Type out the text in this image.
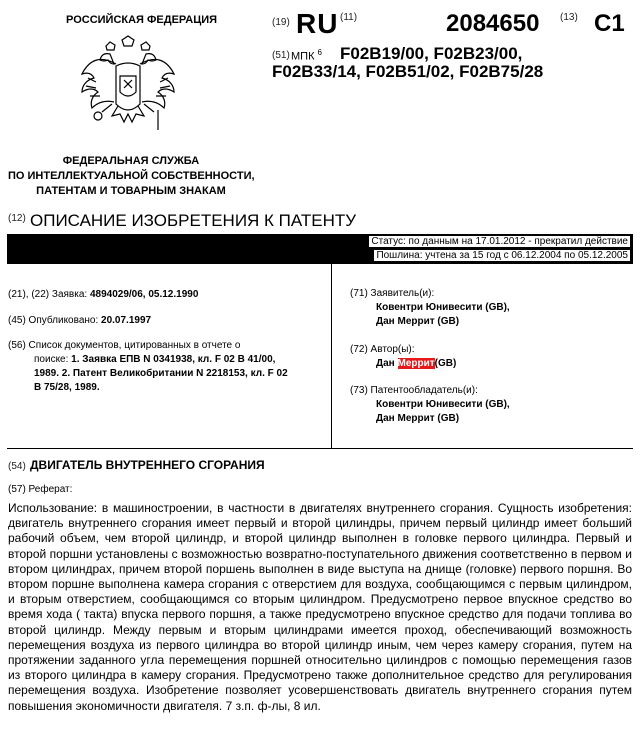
РОССИЙСКАЯ ФЕДЕРАЦИЯ
ФЕДЕРАЛЬНАЯ СЛУЖБА
ПО ИНТЕЛЛЕКТУАЛЬНОЙ СОБСТВЕННОСТИ,
ПАТЕНТАМ И ТОВАРНЫМ ЗНАКАМ
(19) RU (11)	2084650 (13) C1
(51) МПК $^6$ F02B19/00, F02B23/00,
F02B33/14, F02B51/02, F02B75/28
(12) ОПИСАНИЕ ИЗОБРЕТЕНИЯ К ПАТЕНТУ
Статус: по данным на 17.01.2012 - прекратил действие
Пошлина: учтена за 15 год с 06.12.2004 по 05.12.2005
(21), (22) Заявка: 4894029/06, 05.12.1990
(45) Опубликовано: 20.07.1997
(56) Список документов, цитированных в отчете о
поиске: 1. Заявка ЕПВ N 0341938, кл. F 02 B 41/00,
1989. 2. Патент Великобритании N 2218153, кл. F 02
B 75/28, 1989.
(71) Заявитель(и):
Ковентри Юнивесити (GB),
Дан Меррит (GB)
(72) Автор(ы):
Дан Меррит(GB)
(73) Патентообладатель(и):
Ковентри Юнивесити (GB),
Дан Меррит (GB)
(54) ДВИГАТЕЛЬ ВНУТРЕННЕГО СГОРАНИЯ
(57) Реферат:
Использование: в машиностроении, в частности в двигателях внутреннего сгорания. Сущность изобретения: двигатель внутреннего сгорания имеет первый и второй цилиндры, причем первый цилиндр имеет больший рабочий объем, чем второй цилиндр, и второй цилиндр выполнен в головке первого цилиндра. Первый и второй поршни установлены с возможностью возвратно-поступательного движения соответственно в первом и втором цилиндрах, причем второй поршень выполнен в виде выступа на днище (головке) первого поршня. Во втором поршне выполнена камера сгорания с отверстием для воздуха, сообщающимся с первым цилиндром, и вторым отверстием, сообщающимся со вторым цилиндром. Предусмотрено первое впускное средство во время хода ( такта) впуска первого поршня, а также предусмотрено впускное средство для подачи топлива во второй цилиндр. Между первым и вторым цилиндрами имеется проход, обеспечивающий возможность перемещения воздуха из первого цилиндра во второй цилиндр иным, чем через камеру сгорания, путем на протяжении заданного угла перемещения поршней относительно цилиндров с помощью перемещения газов из второго цилиндра в камеру сгорания. Предусмотрено также дополнительное средство для регулирования перемещения воздуха. Изобретение позволяет усовершенствовать двигатель внутреннего сгорания путем повышения экономичности двигателя. 7 з.п. ф-лы, 8 ил.
